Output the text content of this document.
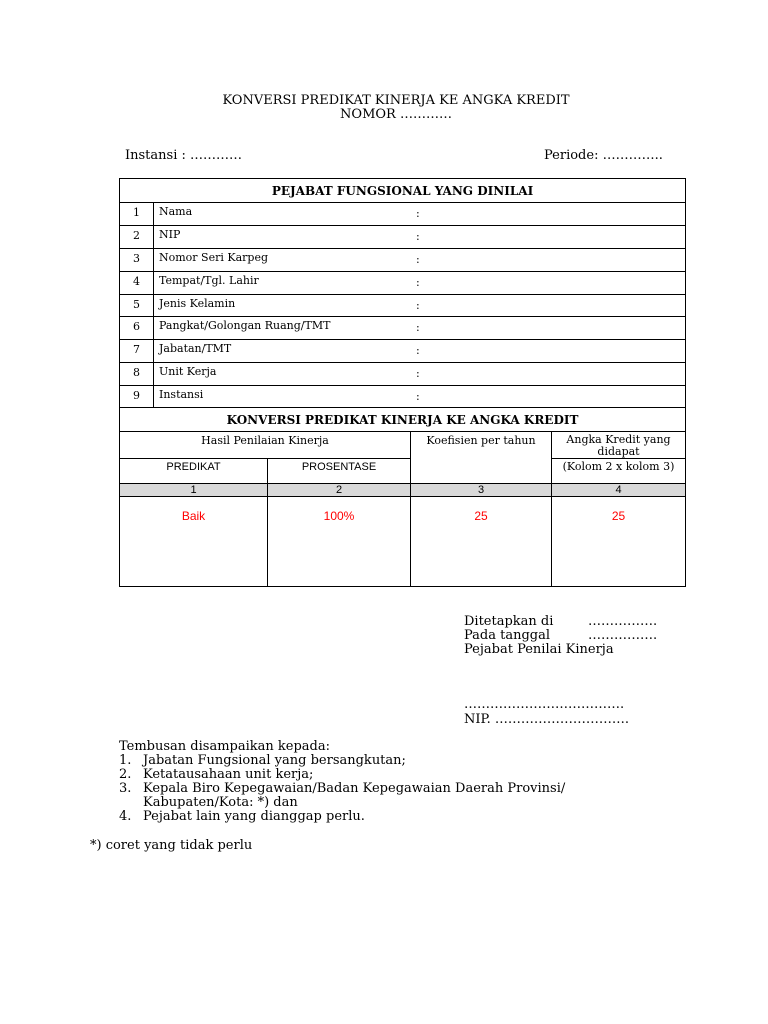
KONVERSI PREDIKAT KINERJA KE ANGKA KREDIT
NOMOR …………
Instansi : …………	Periode: …………..
PEJABAT FUNGSIONAL YANG DINILAI				
1	Nama :			

2	NIP :			

3	Nomor Seri Karpeg :			

4	Tempat/Tgl. Lahir :			

5	Jenis Kelamin :			

6	Pangkat/Golongan Ruang/TMT :			

7	Jabatan/TMT :			

8	Unit Kerja :			

9	Instansi :			

KONVERSI PREDIKAT KINERJA KE ANGKA KREDIT				
Hasil Penilaian Kinerja			Koefisien per tahun	Angka Kredit yang didapat
PREDIKAT		PROSENTASE		(Kolom 2 x kolom 3)
1		2	3	4
Baik		100%	25	25
Ditetapkan di	…………….
Pada tanggal	…………….
Pejabat Penilai Kinerja
……………………………….
NIP. ………………………….
Tembusan disampaikan kepada:
1. Jabatan Fungsional yang bersangkutan;
2. Ketatausahaan unit kerja;
3. Kepala Biro Kepegawaian/Badan Kepegawaian Daerah Provinsi/
Kabupaten/Kota: *) dan
4. Pejabat lain yang dianggap perlu.
*) coret yang tidak perlu
